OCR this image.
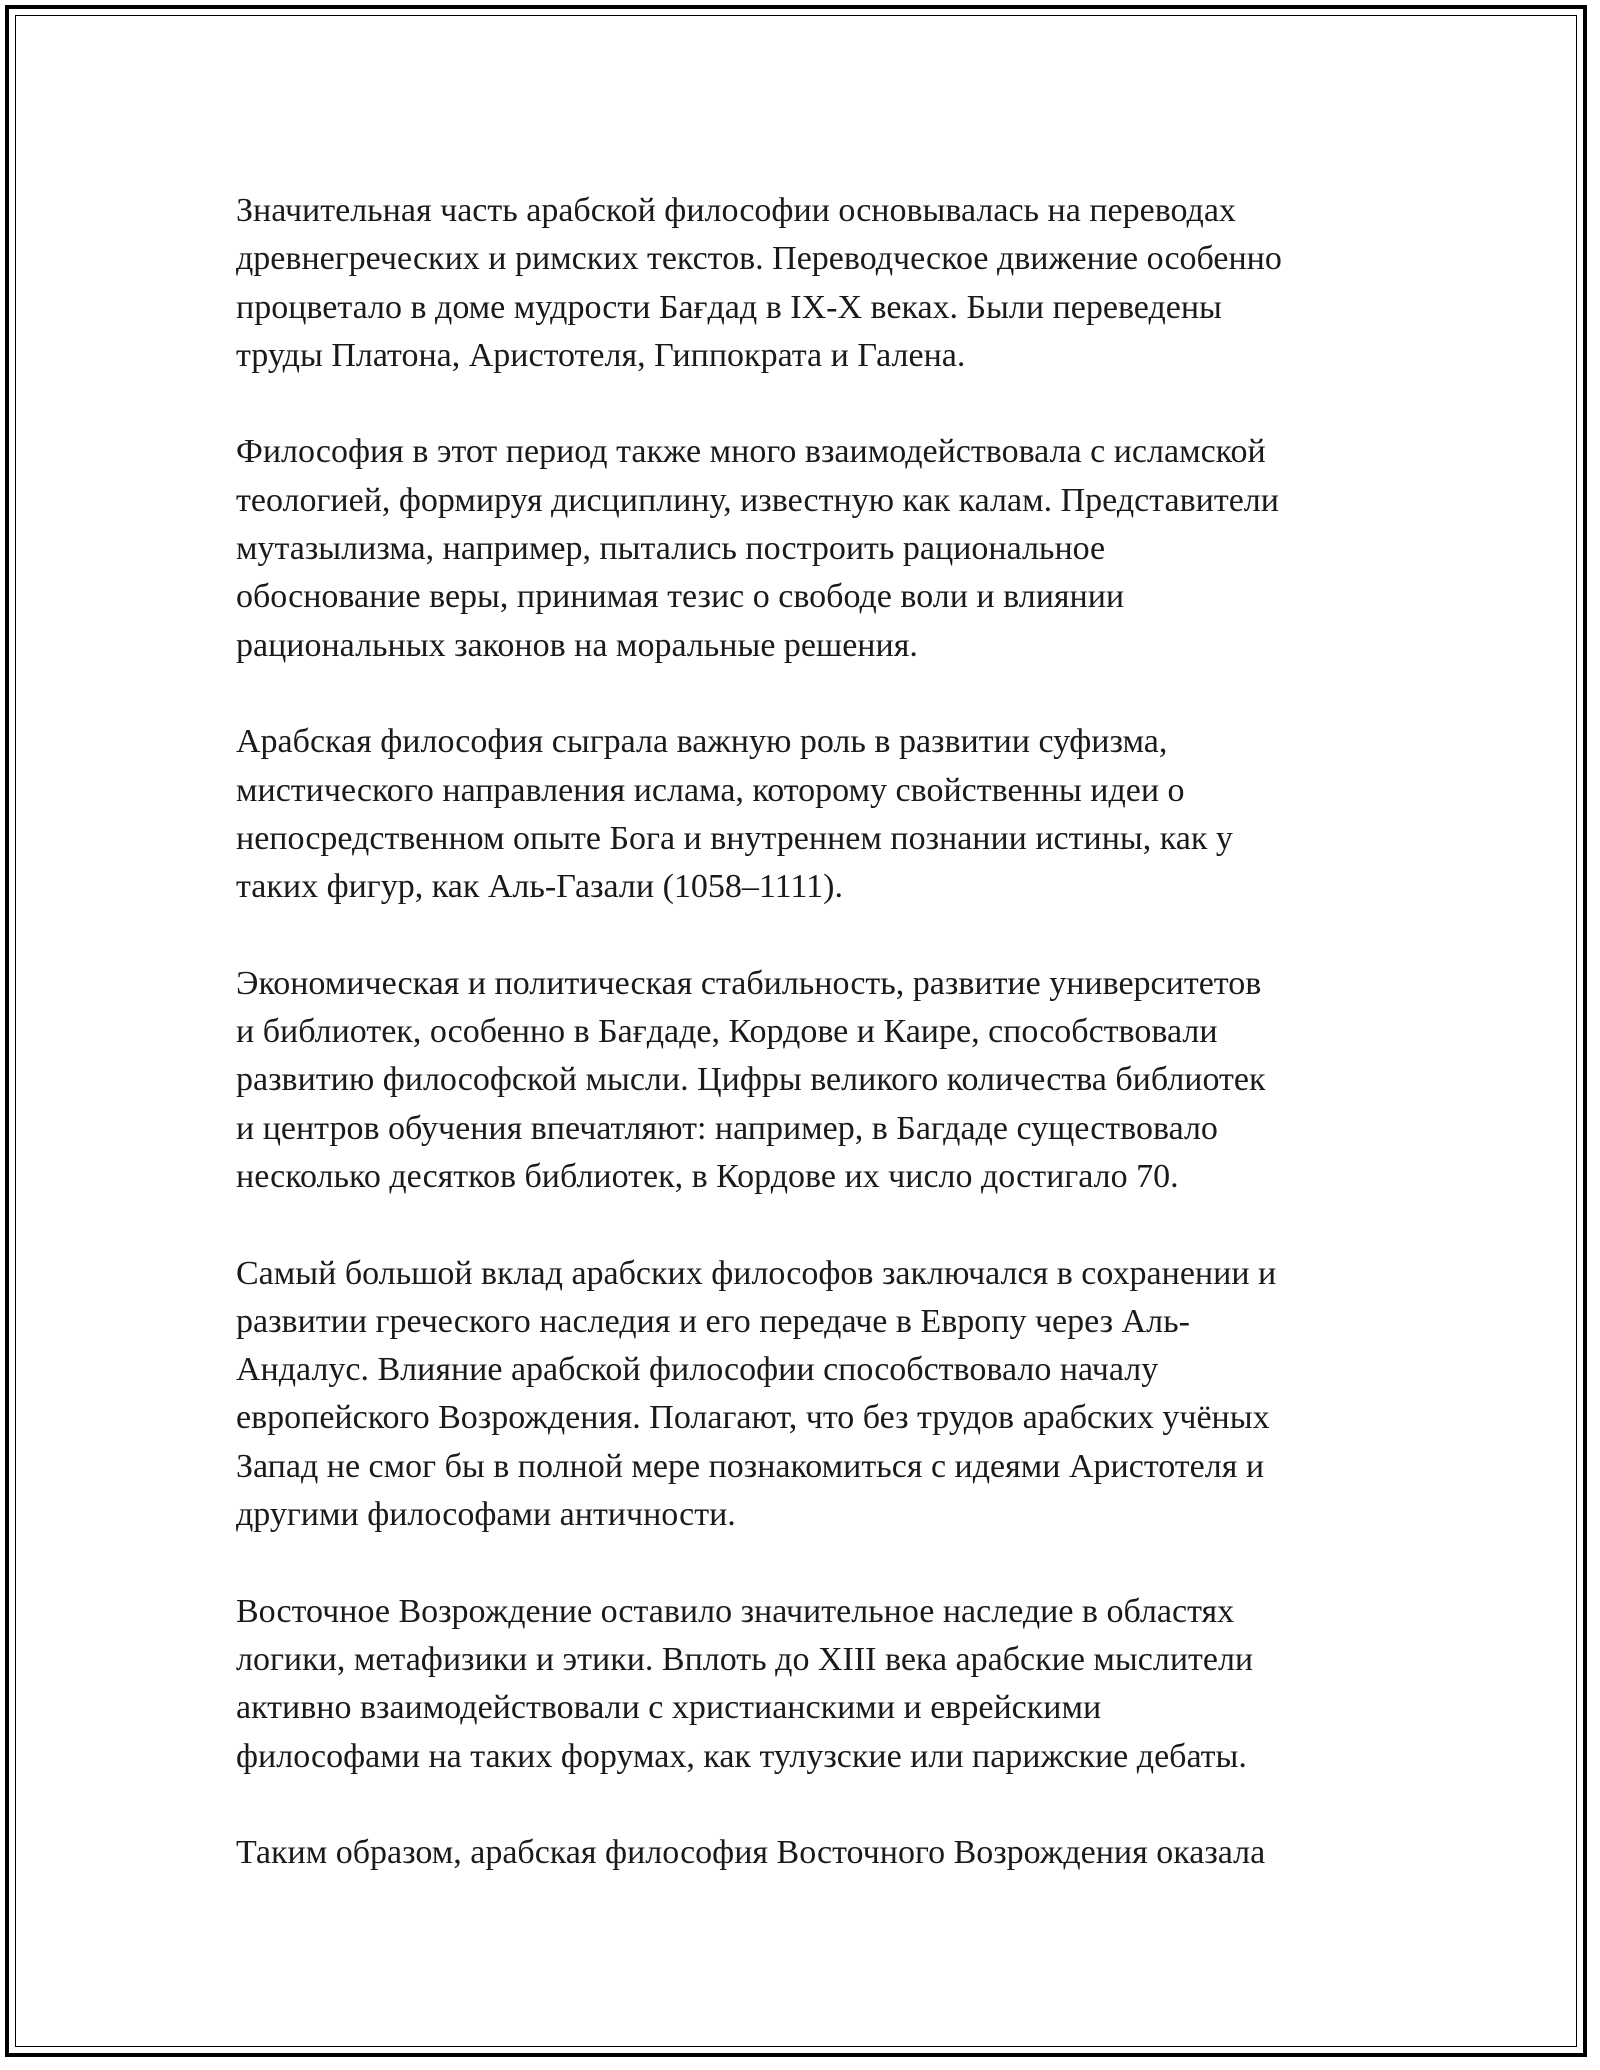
Значительная часть арабской философии основывалась на переводах
древнегреческих и римских текстов. Переводческое движение особенно
процветало в доме мудрости Бағдад в IX-X веках. Были переведены
труды Платона, Аристотеля, Гиппократа и Галена.

Философия в этот период также много взаимодействовала с исламской
теологией, формируя дисциплину, известную как калам. Представители
мутазылизма, например, пытались построить рациональное
обоснование веры, принимая тезис о свободе воли и влиянии
рациональных законов на моральные решения.

Арабская философия сыграла важную роль в развитии суфизма,
мистического направления ислама, которому свойственны идеи о
непосредственном опыте Бога и внутреннем познании истины, как у
таких фигур, как Аль-Газали (1058–1111).

Экономическая и политическая стабильность, развитие университетов
и библиотек, особенно в Бағдаде, Кордове и Каире, способствовали
развитию философской мысли. Цифры великого количества библиотек
и центров обучения впечатляют: например, в Багдаде существовало
несколько десятков библиотек, в Кордове их число достигало 70.

Самый большой вклад арабских философов заключался в сохранении и
развитии греческого наследия и его передаче в Европу через Аль-
Андалус. Влияние арабской философии способствовало началу
европейского Возрождения. Полагают, что без трудов арабских учёных
Запад не смог бы в полной мере познакомиться с идеями Аристотеля и
другими философами античности.

Восточное Возрождение оставило значительное наследие в областях
логики, метафизики и этики. Вплоть до XIII века арабские мыслители
активно взаимодействовали с христианскими и еврейскими
философами на таких форумах, как тулузские или парижские дебаты.

Таким образом, арабская философия Восточного Возрождения оказала
